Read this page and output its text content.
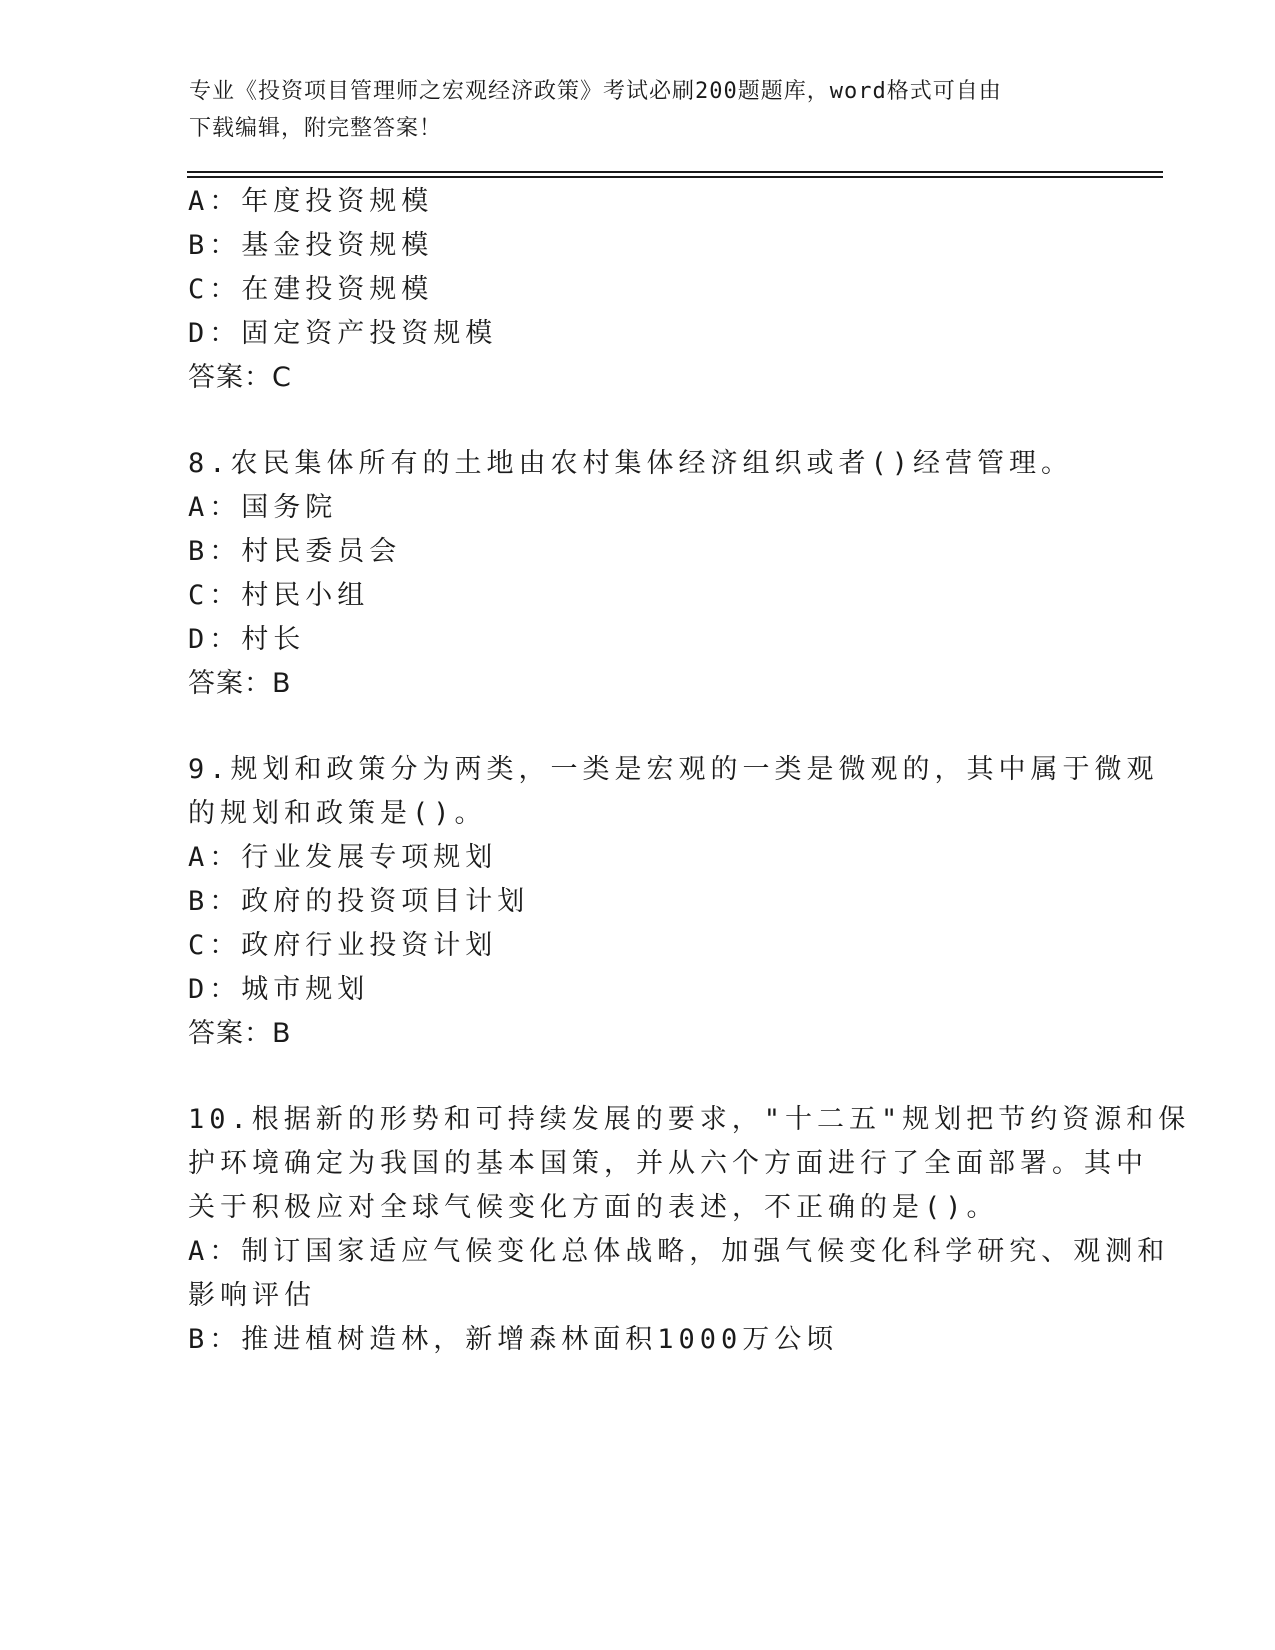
专业《投资项目管理师之宏观经济政策》考试必刷200题题库，word格式可自由
下载编辑，附完整答案！
A：年度投资规模
B：基金投资规模
C：在建投资规模
D：固定资产投资规模
答案：C
8.农民集体所有的土地由农村集体经济组织或者()经营管理。
A：国务院
B：村民委员会
C：村民小组
D：村长
答案：B
9.规划和政策分为两类，一类是宏观的一类是微观的，其中属于微观
的规划和政策是()。
A：行业发展专项规划
B：政府的投资项目计划
C：政府行业投资计划
D：城市规划
答案：B
10.根据新的形势和可持续发展的要求，"十二五"规划把节约资源和保
护环境确定为我国的基本国策，并从六个方面进行了全面部署。其中
关于积极应对全球气候变化方面的表述，不正确的是()。
A：制订国家适应气候变化总体战略，加强气候变化科学研究、观测和
影响评估
B：推进植树造林，新增森林面积1000万公顷
